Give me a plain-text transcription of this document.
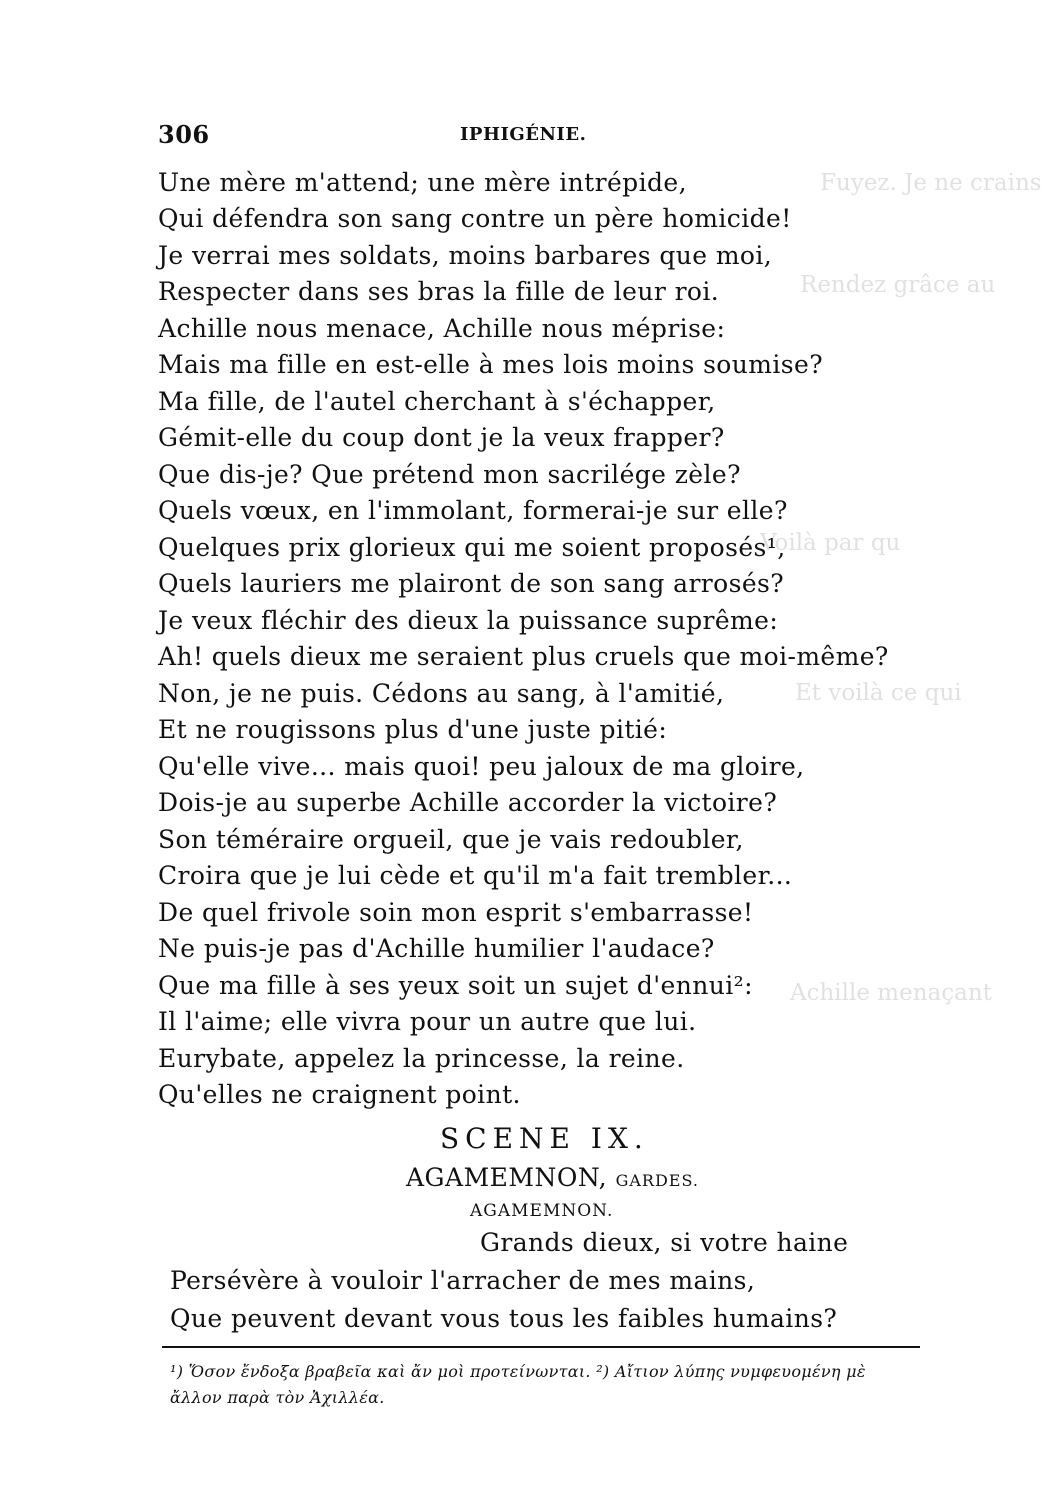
Fuyez. Je ne crains
Rendez grâce au
Voilà par qu
Et voilà ce qui
Achille menaçant
306	IPHIGÉNIE.
Une mère m'attend; une mère intrépide,
Qui défendra son sang contre un père homicide!
Je verrai mes soldats, moins barbares que moi,
Respecter dans ses bras la fille de leur roi.
Achille nous menace, Achille nous méprise:
Mais ma fille en est-elle à mes lois moins soumise?
Ma fille, de l'autel cherchant à s'échapper,
Gémit-elle du coup dont je la veux frapper?
Que dis-je? Que prétend mon sacrilége zèle?
Quels vœux, en l'immolant, formerai-je sur elle?
Quelques prix glorieux qui me soient proposés¹,
Quels lauriers me plairont de son sang arrosés?
Je veux fléchir des dieux la puissance suprême:
Ah! quels dieux me seraient plus cruels que moi-même?
Non, je ne puis. Cédons au sang, à l'amitié,
Et ne rougissons plus d'une juste pitié:
Qu'elle vive... mais quoi! peu jaloux de ma gloire,
Dois-je au superbe Achille accorder la victoire?
Son téméraire orgueil, que je vais redoubler,
Croira que je lui cède et qu'il m'a fait trembler...
De quel frivole soin mon esprit s'embarrasse!
Ne puis-je pas d'Achille humilier l'audace?
Que ma fille à ses yeux soit un sujet d'ennui²:
Il l'aime; elle vivra pour un autre que lui.
Eurybate, appelez la princesse, la reine.
Qu'elles ne craignent point.
SCENE IX.
AGAMEMNON, GARDES.
AGAMEMNON.
Grands dieux, si votre haine
Persévère à vouloir l'arracher de mes mains,
Que peuvent devant vous tous les faibles humains?
¹) Ὅσον ἔνδοξα βραβεῖα καὶ ἄν μοὶ προτείνωνται. ²) Αἴτιον λύπης νυμφευομένη μὲ
ἄλλον παρὰ τὸν Ἀχιλλέα.
